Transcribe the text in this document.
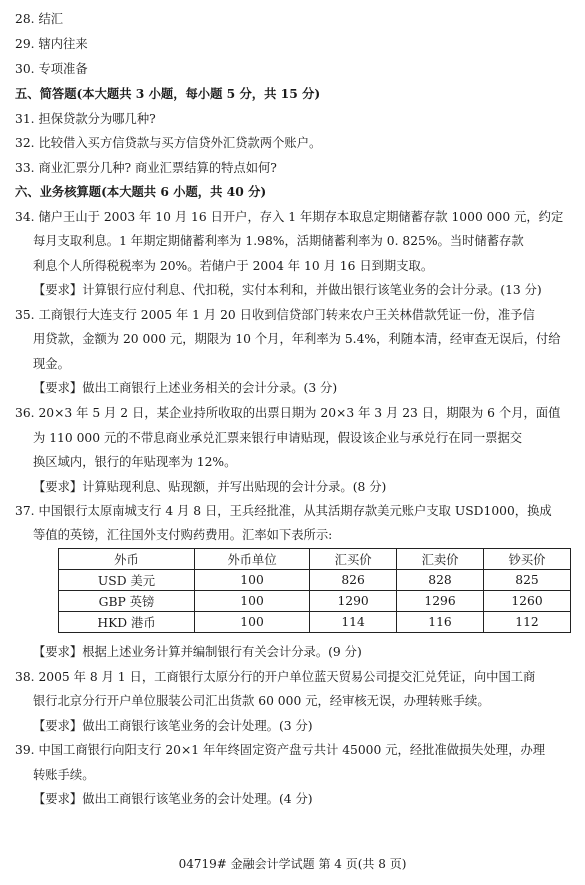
28. 结汇
29. 辖内往来
30. 专项准备
五、简答题(本大题共 3 小题，每小题 5 分，共 15 分)
31. 担保贷款分为哪几种?
32. 比较借入买方信贷款与买方信贷外汇贷款两个账户。
33. 商业汇票分几种? 商业汇票结算的特点如何?
六、业务核算题(本大题共 6 小题，共 40 分)
34. 储户王山于 2003 年 10 月 16 日开户，存入 1 年期存本取息定期储蓄存款 1000 000 元，约定
每月支取利息。1 年期定期储蓄利率为 1.98%，活期储蓄利率为 0. 825%。当时储蓄存款
利息个人所得税税率为 20%。若储户于 2004 年 10 月 16 日到期支取。
【要求】计算银行应付利息、代扣税，实付本利和，并做出银行该笔业务的会计分录。(13 分)
35. 工商银行大连支行 2005 年 1 月 20 日收到信贷部门转来农户王关林借款凭证一份，准予信
用贷款，金额为 20 000 元，期限为 10 个月，年利率为 5.4%，利随本清，经审查无误后，付给
现金。
【要求】做出工商银行上述业务相关的会计分录。(3 分)
36. 20×3 年 5 月 2 日，某企业持所收取的出票日期为 20×3 年 3 月 23 日，期限为 6 个月，面值
为 110 000 元的不带息商业承兑汇票来银行申请贴现，假设该企业与承兑行在同一票据交
换区域内，银行的年贴现率为 12%。
【要求】计算贴现利息、贴现额，并写出贴现的会计分录。(8 分)
37. 中国银行太原南城支行 4 月 8 日，王兵经批准，从其活期存款美元账户支取 USD1000，换成
等值的英镑，汇往国外支付购药费用。汇率如下表所示:
外币	外币单位	汇买价	汇卖价	钞买价
USD 美元	100	826	828	825
GBP 英镑	100	1290	1296	1260
HKD 港币	100	114	116	112
【要求】根据上述业务计算并编制银行有关会计分录。(9 分)
38. 2005 年 8 月 1 日，工商银行太原分行的开户单位蓝天贸易公司提交汇兑凭证，向中国工商
银行北京分行开户单位服装公司汇出货款 60 000 元，经审核无误，办理转账手续。
【要求】做出工商银行该笔业务的会计处理。(3 分)
39. 中国工商银行向阳支行 20×1 年年终固定资产盘亏共计 45000 元，经批准做损失处理，办理
转账手续。
【要求】做出工商银行该笔业务的会计处理。(4 分)
04719# 金融会计学试题 第 4 页(共 8 页)
